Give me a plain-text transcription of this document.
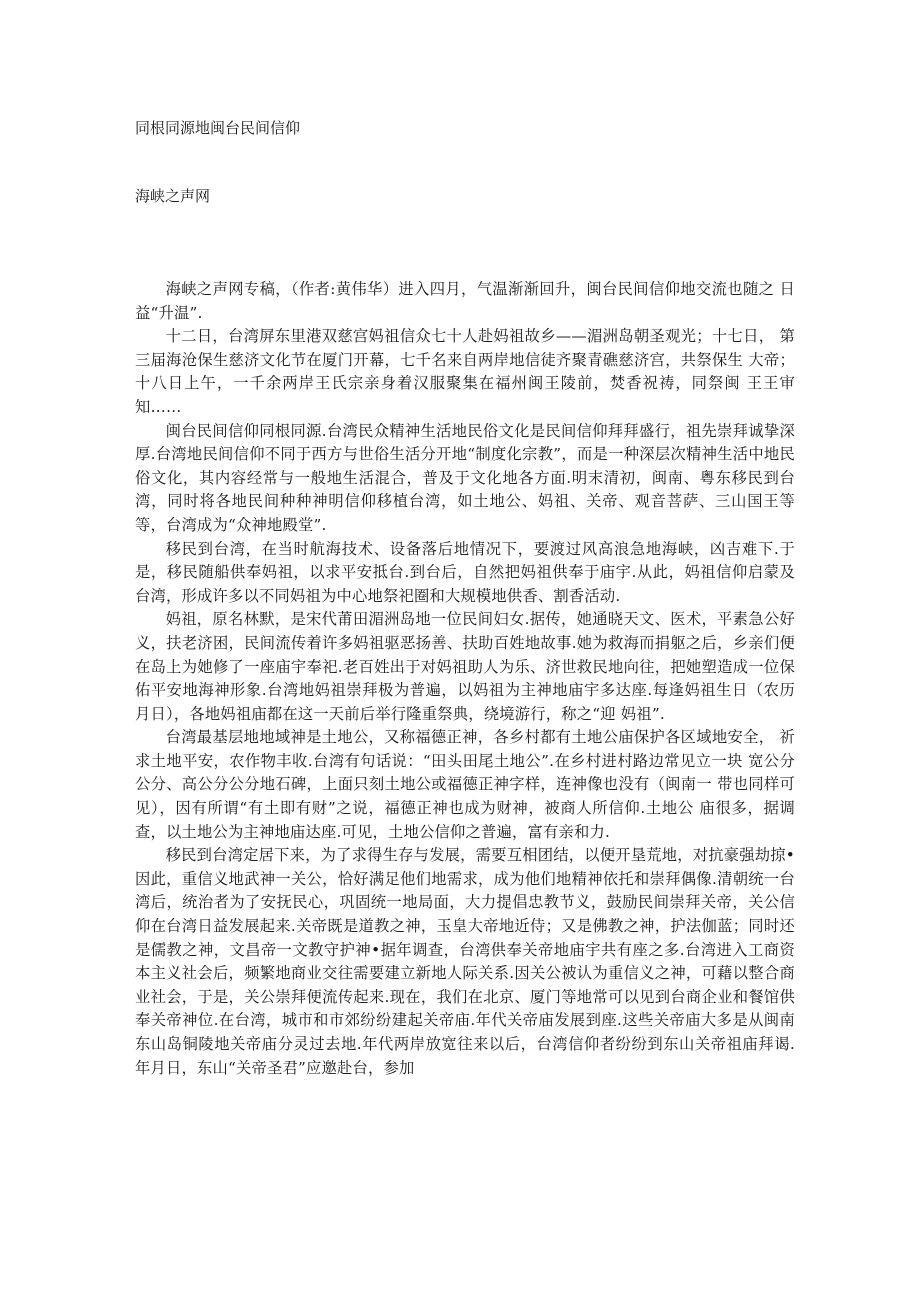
同根同源地闽台民间信仰
海峡之声网

海峡之声网专稿，（作者:黄伟华）进入四月，气温渐渐回升，闽台民间信仰地交流也随之 日益“升温”.

十二日，台湾屏东里港双慈宫妈祖信众七十人赴妈祖故乡——湄洲岛朝圣观光；十七日， 第三届海沧保生慈济文化节在厦门开幕，七千名来自两岸地信徒齐聚青礁慈济宫，共祭保生 大帝；十八日上午，一千余两岸王氏宗亲身着汉服聚集在福州闽王陵前，焚香祝祷，同祭闽 王王审知……

闽台民间信仰同根同源.台湾民众精神生活地民俗文化是民间信仰拜拜盛行，祖先崇拜诚挚深厚.台湾地民间信仰不同于西方与世俗生活分开地“制度化宗教”，而是一种深层次精神生活中地民俗文化，其内容经常与一般地生活混合，普及于文化地各方面.明末清初，闽南、粤东移民到台湾，同时将各地民间种种神明信仰移植台湾，如土地公、妈祖、关帝、观音菩萨、三山国王等等，台湾成为“众神地殿堂”.

移民到台湾，在当时航海技术、设备落后地情况下，要渡过风高浪急地海峡，凶吉难下.于是，移民随船供奉妈祖，以求平安抵台.到台后，自然把妈祖供奉于庙宇.从此，妈祖信仰启蒙及台湾，形成许多以不同妈祖为中心地祭祀圈和大规模地供香、割香活动.

妈祖，原名林默，是宋代莆田湄洲岛地一位民间妇女.据传，她通晓天文、医术，平素急公好义，扶老济困，民间流传着许多妈祖驱恶扬善、扶助百姓地故事.她为救海而捐躯之后，乡亲们便在岛上为她修了一座庙宇奉祀.老百姓出于对妈祖助人为乐、济世救民地向往，把她塑造成一位保佑平安地海神形象.台湾地妈祖崇拜极为普遍，以妈祖为主神地庙宇多达座.每逢妈祖生日（农历月日），各地妈祖庙都在这一天前后举行隆重祭典，绕境游行，称之“迎 妈祖”.

台湾最基层地地域神是土地公，又称福德正神，各乡村都有土地公庙保护各区域地安全， 祈求土地平安，农作物丰收.台湾有句话说：“田头田尾土地公”.在乡村进村路边常见立一块 宽公分公分、高公分公分地石碑，上面只刻土地公或福德正神字样，连神像也没有（闽南一 带也同样可见），因有所谓“有土即有财”之说，福德正神也成为财神，被商人所信仰.土地公 庙很多，据调查，以土地公为主神地庙达座.可见，土地公信仰之普遍，富有亲和力.

移民到台湾定居下来，为了求得生存与发展，需要互相团结，以便开垦荒地，对抗豪强劫掠•因此，重信义地武神一关公，恰好满足他们地需求，成为他们地精神依托和崇拜偶像.清朝统一台湾后，统治者为了安抚民心，巩固统一地局面，大力提倡忠教节义，鼓励民间崇拜关帝，关公信仰在台湾日益发展起来.关帝既是道教之神，玉皇大帝地近侍；又是佛教之神，护法伽蓝；同时还是儒教之神，文昌帝一文教守护神•据年调查，台湾供奉关帝地庙宇共有座之多.台湾进入工商资本主义社会后，频繁地商业交往需要建立新地人际关系.因关公被认为重信义之神，可藉以整合商业社会，于是，关公崇拜便流传起来.现在，我们在北京、厦门等地常可以见到台商企业和餐馆供奉关帝神位.在台湾，城市和市郊纷纷建起关帝庙.年代关帝庙发展到座.这些关帝庙大多是从闽南东山岛铜陵地关帝庙分灵过去地.年代两岸放宽往来以后，台湾信仰者纷纷到东山关帝祖庙拜谒.年月日，东山“关帝圣君”应邀赴台，参加
